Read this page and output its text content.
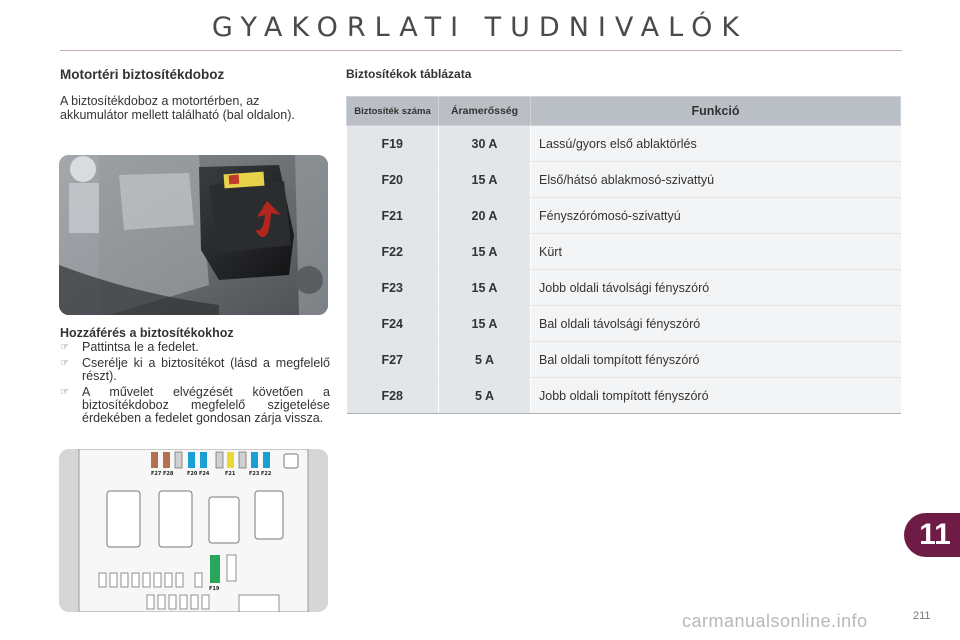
GYAKORLATI TUDNIVALÓK
Motortéri biztosítékdoboz
A biztosítékdoboz a motortérben, az akkumulátor mellett található (bal oldalon).
Hozzáférés a biztosítékokhoz
☞ Pattintsa le a fedelet.
☞ Cserélje ki a biztosítékot (lásd a megfelelő részt).
☞ A művelet elvégzését követően a biztosítékdoboz megfelelő szigetelése érdekében a fedelet gondosan zárja vissza.
F27 F28	F20 F24	F21	F23 F22
F19
Biztosítékok táblázata
Biztosíték száma	Áramerősség	Funkció
F19	30 A	Lassú/gyors első ablaktörlés
F20	15 A	Első/hátsó ablakmosó-szivattyú
F21	20 A	Fényszórómosó-szivattyú
F22	15 A	Kürt
F23	15 A	Jobb oldali távolsági fényszóró
F24	15 A	Bal oldali távolsági fényszóró
F27	5 A	Bal oldali tompított fényszóró
F28	5 A	Jobb oldali tompított fényszóró
11
carmanualsonline.info	211
